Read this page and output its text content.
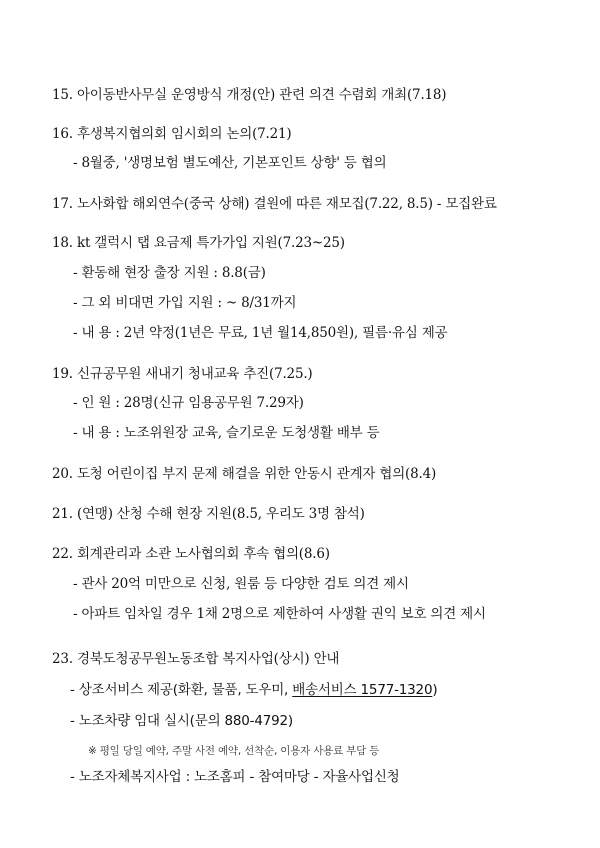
15. 아이동반사무실 운영방식 개정(안) 관련 의견 수렴회 개최(7.18)
16. 후생복지협의회 임시회의 논의(7.21)
- 8월중, '생명보험 별도예산, 기본포인트 상향' 등 협의
17. 노사화합 해외연수(중국 상해) 결원에 따른 재모집(7.22, 8.5) - 모집완료
18. kt 갤럭시 탭 요금제 특가가입 지원(7.23~25)
- 환동해 현장 출장 지원 : 8.8(금)
- 그 외 비대면 가입 지원 : ~ 8/31까지
- 내 용 : 2년 약정(1년은 무료, 1년 월14,850원), 필름·유심 제공
19. 신규공무원 새내기 청내교육 추진(7.25.)
- 인 원 : 28명(신규 임용공무원 7.29자)
- 내 용 : 노조위원장 교육, 슬기로운 도청생활 배부 등
20. 도청 어린이집 부지 문제 해결을 위한 안동시 관계자 협의(8.4)
21. (연맹) 산청 수해 현장 지원(8.5, 우리도 3명 참석)
22. 회계관리과 소관 노사협의회 후속 협의(8.6)
- 관사 20억 미만으로 신청, 원룸 등 다양한 검토 의견 제시
- 아파트 임차일 경우 1채 2명으로 제한하여 사생활 권익 보호 의견 제시
23. 경북도청공무원노동조합 복지사업(상시) 안내
- 상조서비스 제공(화환, 물품, 도우미, 배송서비스 1577-1320)
- 노조차량 임대 실시(문의 880-4792)
※ 평일 당일 예약, 주말 사전 예약, 선착순, 이용자 사용료 부담 등
- 노조자체복지사업 : 노조홈피 - 참여마당 - 자율사업신청
